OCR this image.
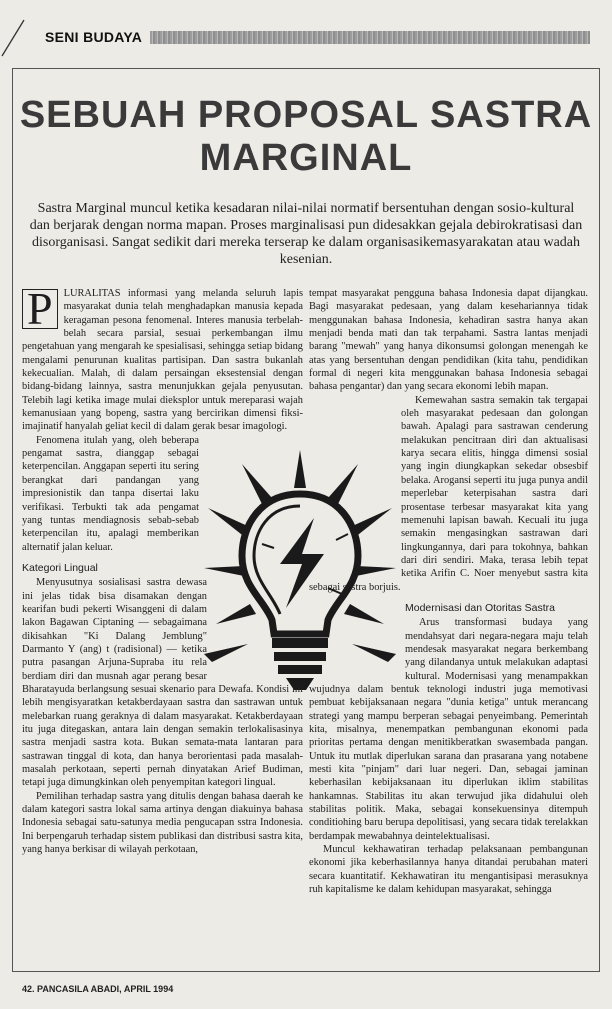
SENI BUDAYA
SEBUAH PROPOSAL SASTRA
MARGINAL
Sastra Marginal muncul ketika kesadaran nilai-nilai normatif bersentuhan dengan sosio-kultural dan berjarak dengan norma mapan. Proses marginalisasi pun didesakkan gejala debirokratisasi dan disorganisasi. Sangat sedikit dari mereka terserap ke dalam organisasikemasyarakatan atau wadah kesenian.

P	LURALITAS informasi yang melanda seluruh lapis masyarakat dunia telah menghadapkan manusia kepada keragaman pesona fenomenal. Interes manusia terbelah-belah secara parsial, sesuai perkembangan ilmu pengetahuan yang mengarah ke spesialisasi, sehingga setiap bidang mengalami penurunan kualitas partisipan. Dan sastra bukanlah kekecualian. Malah, di dalam persaingan eksestensial dengan bidang-bidang lainnya, sastra menunjukkan gejala penyusutan. Telebih lagi ketika image mulai dieksplor untuk mereparasi wajah kemanusiaan yang bopeng, sastra yang bercirikan dimensi fiksi-imajinatif hanyalah geliat kecil di dalam gerak besar imagologi.

Fenomena itulah yang, oleh beberapa pengamat sastra, dianggap sebagai keterpencilan. Anggapan seperti itu sering berangkat dari pandangan yang impresionistik dan tanpa disertai laku verifikasi. Terbukti tak ada pengamat yang tuntas mendiagnosis sebab-sebab keterpencilan itu, apalagi memberikan alternatif jalan keluar.

Kategori Lingual

Menyusutnya sosialisasi sastra dewasa ini jelas tidak bisa disamakan dengan kearifan budi pekerti Wisanggeni di dalam lakon Bagawan Ciptaning — sebagaimana dikisahkan "Ki Dalang Jemblung" Darmanto Y (ang) t (radisional) — ketika putra pasangan Arjuna-Supraba itu rela berdiam diri dan musnah agar perang besar Bharatayuda berlangsung sesuai skenario para Dewafa. Kondisi ini lebih mengisyaratkan ketakberdayaan sastra dan sastrawan untuk melebarkan ruang geraknya di dalam masyarakat. Ketakberdayaan itu juga ditegaskan, antara lain dengan semakin terlokalisasinya sastra menjadi sastra kota. Bukan semata-mata lantaran para sastrawan tinggal di kota, dan hanya berorientasi pada masalah-masalah perkotaan, seperti pernah dinyatakan Arief Budiman, tetapi juga dimungkinkan oleh penyempitan kategori lingual.

Pemilihan terhadap sastra yang ditulis dengan bahasa daerah ke dalam kategori sastra lokal sama artinya dengan diakuinya bahasa Indonesia sebagai satu-satunya media pengucapan sstra Indonesia. Ini berpengaruh terhadap sistem publikasi dan distribusi sastra kita, yang hanya berkisar di wilayah perkotaan,

tempat masyarakat pengguna bahasa Indonesia dapat dijangkau. Bagi masyarakat pedesaan, yang dalam kesehariannya tidak menggunakan bahasa Indonesia, kehadiran sastra hanya akan menjadi benda mati dan tak terpahami. Sastra lantas menjadi barang "mewah" yang hanya dikonsumsi golongan menengah ke atas yang bersentuhan dengan pendidikan (kita tahu, pendidikan formal di negeri kita menggunakan bahasa Indonesia sebagai bahasa pengantar) dan yang secara ekonomi lebih mapan.

Kemewahan sastra semakin tak tergapai oleh masyarakat pedesaan dan golongan bawah. Apalagi para sastrawan cenderung melakukan pencitraan diri dan aktualisasi karya secara elitis, hingga dimensi sosial yang ingin diungkapkan sekedar obsesbif belaka. Arogansi seperti itu juga punya andil meperlebar keterpisahan sastra dari prosentase terbesar masyarakat kita yang memenuhi lapisan bawah. Kecuali itu juga semakin mengasingkan sastrawan dari lingkungannya, dari para tokohnya, bahkan dari diri sendiri. Maka, terasa lebih tepat ketika Arifin C. Noer menyebut sastra kita sebagai sastra borjuis.

Modernisasi dan Otoritas Sastra

Arus transformasi budaya yang mendahsyat dari negara-negara maju telah mendesak masyarakat negara berkembang yang dilandanya untuk melakukan adaptasi kultural. Modernisasi yang menampakkan wujudnya dalam bentuk teknologi industri juga memotivasi pembuat kebijaksanaan negara "dunia ketiga" untuk merancang strategi yang mampu berperan sebagai penyeimbang. Pemerintah kita, misalnya, menempatkan pembangunan ekonomi pada prioritas pertama dengan menitikberatkan swasembada pangan. Untuk itu mutlak diperlukan sarana dan prasarana yang notabene mesti kita "pinjam" dari luar negeri. Dan, sebagai jaminan keberhasilan kebijaksanaan itu diperlukan iklim stabilitas hankamnas. Stabilitas itu akan terwujud jika didahului oleh stabilitas politik. Maka, sebagai konsekuensinya ditempuh conditiohing baru berupa depolitisasi, yang secara tidak terelakkan berdampak mewabahnya deintelektualisasi.

Muncul kekhawatiran terhadap pelaksanaan pembangunan ekonomi jika keberhasilannya hanya ditandai perubahan materi secara kuantitatif. Kekhawatiran itu mengantisipasi merasuknya ruh kapitalisme ke dalam kehidupan masyarakat, sehingga

42. PANCASILA ABADI, APRIL 1994
